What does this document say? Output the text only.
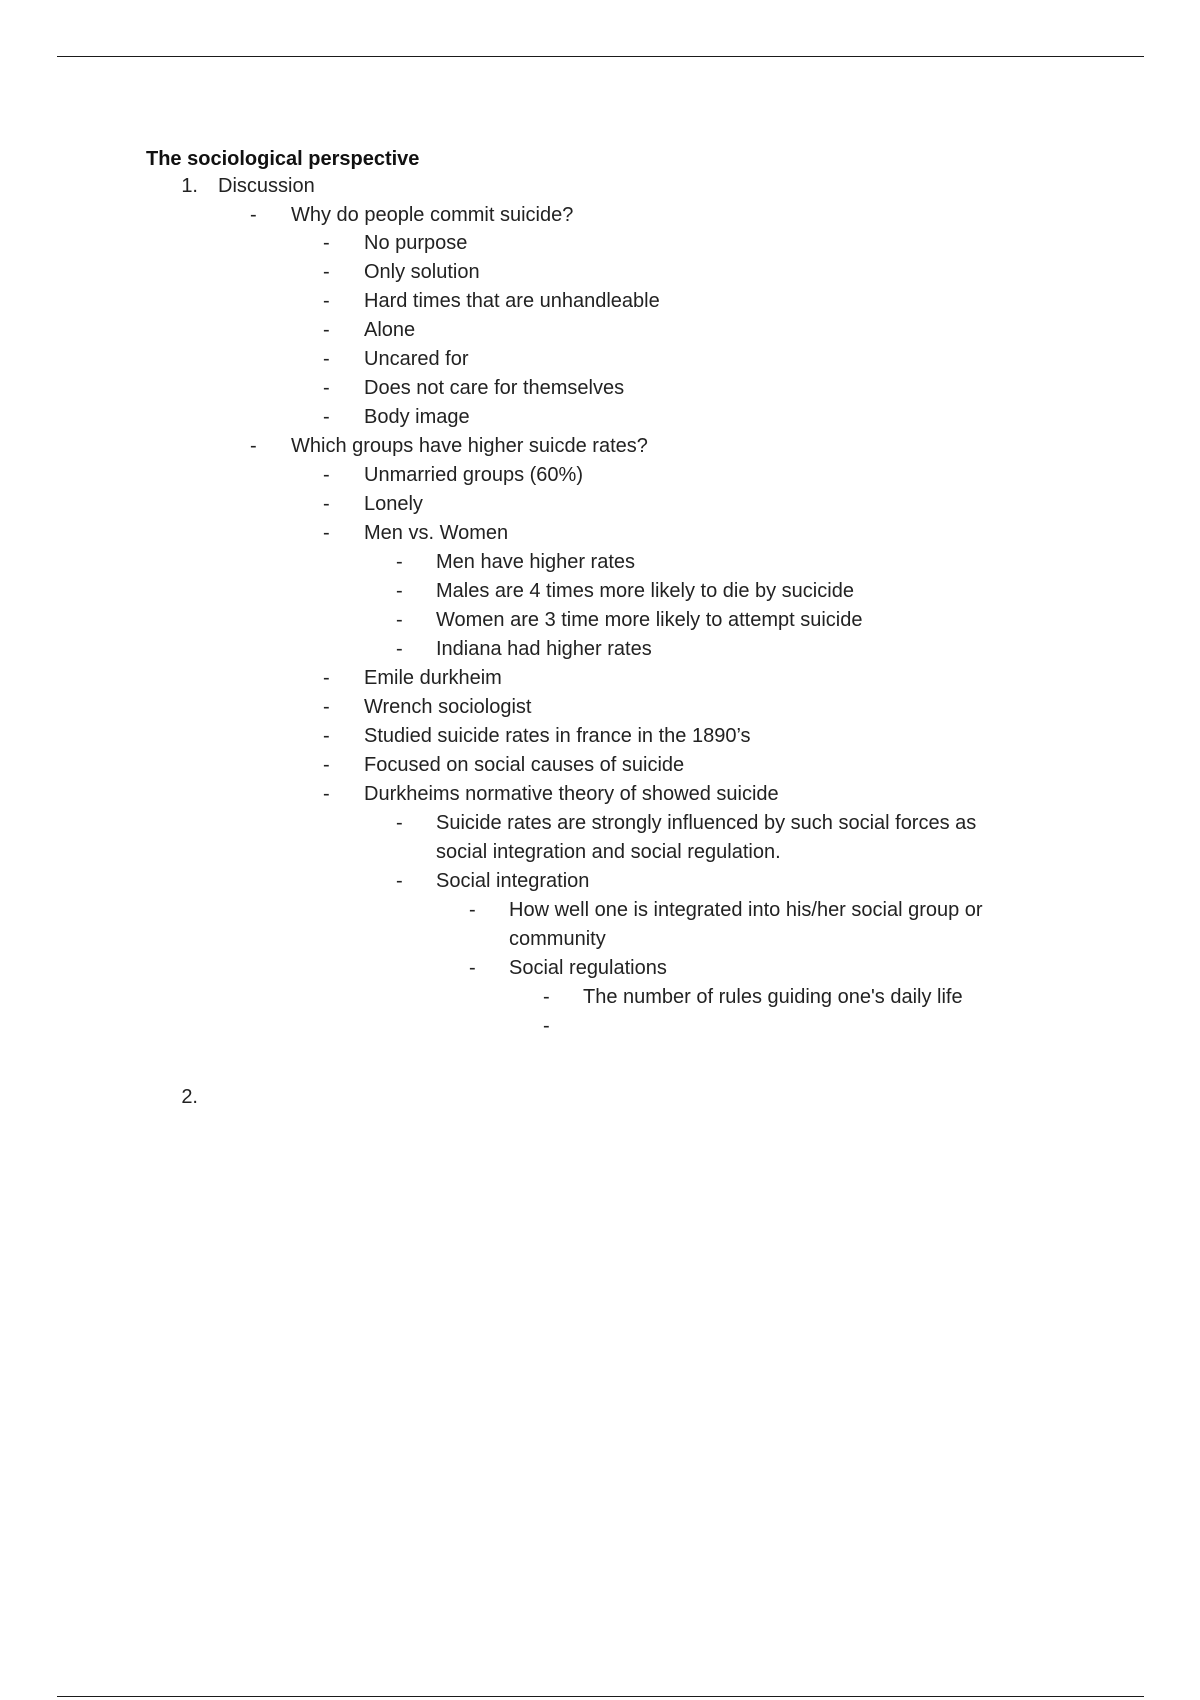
The sociological perspective
1. Discussion
- Why do people commit suicide?
- No purpose
- Only solution
- Hard times that are unhandleable
- Alone
- Uncared for
- Does not care for themselves
- Body image
- Which groups have higher suicde rates?
- Unmarried groups (60%)
- Lonely
- Men vs. Women
- Men have higher rates
- Males are 4 times more likely to die by sucicide
- Women are 3 time more likely to attempt suicide
- Indiana had higher rates
- Emile durkheim
- Wrench sociologist
- Studied suicide rates in france in the 1890’s
- Focused on social causes of suicide
- Durkheims normative theory of showed suicide
- Suicide rates are strongly influenced by such social forces as
social integration and social regulation.
- Social integration
- How well one is integrated into his/her social group or
community
- Social regulations
- The number of rules guiding one's daily life
-
2.
